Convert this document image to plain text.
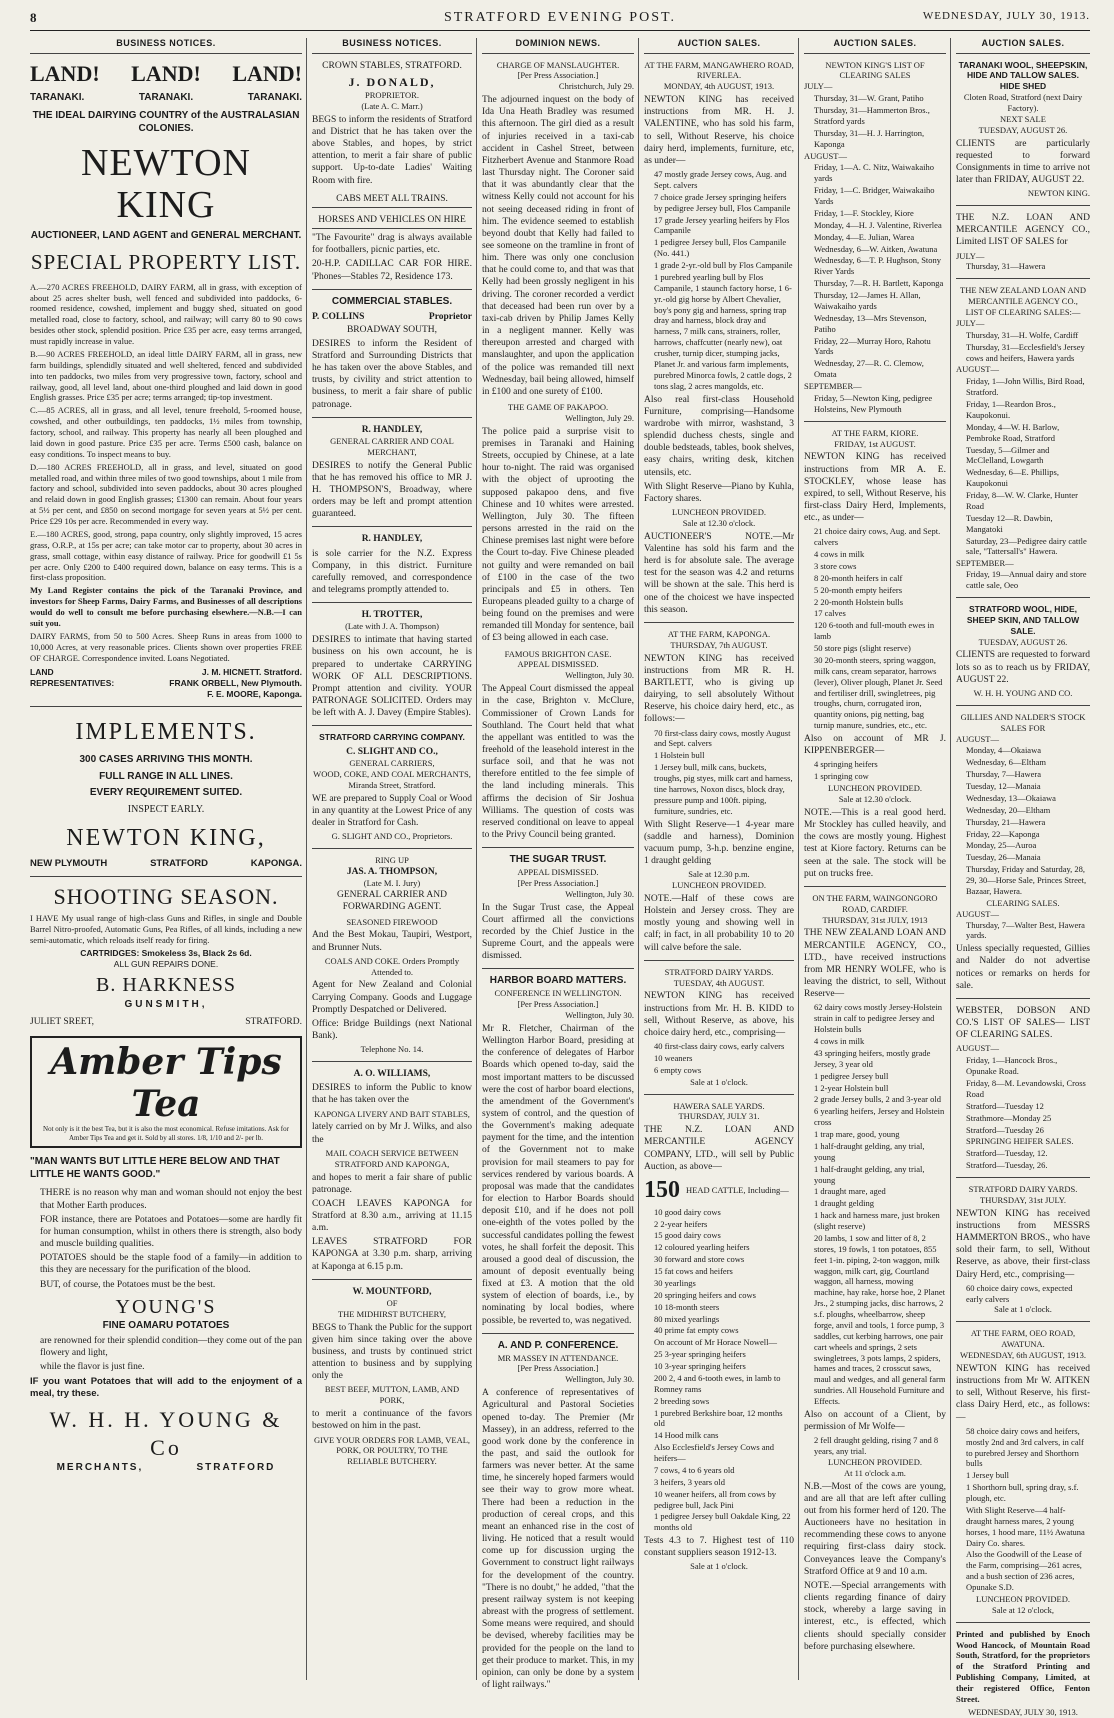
8	STRATFORD EVENING POST.	WEDNESDAY, JULY 30, 1913.
BUSINESS NOTICES.
LAND! LAND! LAND!
TARANAKI.	TARANAKI.	TARANAKI.
THE IDEAL DAIRYING COUNTRY of the AUSTRALASIAN COLONIES.
NEWTON KING
AUCTIONEER, LAND AGENT and GENERAL MERCHANT.
SPECIAL PROPERTY LIST.

A.—270 ACRES FREEHOLD, DAIRY FARM, all in grass, with exception of about 25 acres shelter bush, well fenced and subdivided into paddocks, 6-roomed residence, cowshed, implement and buggy shed, situated on good metalled road, close to factory, school, and railway; will carry 80 to 90 cows besides other stock, splendid position. Price £35 per acre, easy terms arranged, must rapidly increase in value.

B.—90 ACRES FREEHOLD, an ideal little DAIRY FARM, all in grass, new farm buildings, splendidly situated and well sheltered, fenced and subdivided into ten paddocks, two miles from very progressive town, factory, school and railway, good, all level land, about one-third ploughed and laid down in good English grasses. Price £35 per acre; terms arranged; tip-top investment.

C.—85 ACRES, all in grass, and all level, tenure freehold, 5-roomed house, cowshed, and other outbuildings, ten paddocks, 1½ miles from township, factory, school, and railway. This property has nearly all been ploughed and laid down in good pasture. Price £35 per acre. Terms £500 cash, balance on easy conditions. To inspect means to buy.

D.—180 ACRES FREEHOLD, all in grass, and level, situated on good metalled road, and within three miles of two good townships, about 1 mile from factory and school, subdivided into seven paddocks, about 30 acres ploughed and relaid down in good English grasses; £1300 can remain. About four years at 5½ per cent, and £850 on second mortgage for seven years at 5½ per cent. Price £29 10s per acre. Recommended in every way.

E.—180 ACRES, good, strong, papa country, only slightly improved, 15 acres grass, O.R.P., at 15s per acre; can take motor car to property, about 30 acres in grass, small cottage, within easy distance of railway. Price for goodwill £1 5s per acre. Only £200 to £400 required down, balance on easy terms. This is a first-class proposition.

My Land Register contains the pick of the Taranaki Province, and investors for Sheep Farms, Dairy Farms, and Businesses of all descriptions would do well to consult me before purchasing elsewhere.—N.B.—I can suit you.

DAIRY FARMS, from 50 to 500 Acres. Sheep Runs in areas from 1000 to 10,000 Acres, at very reasonable prices. Clients shown over properties FREE OF CHARGE. Correspondence invited. Loans Negotiated.

LAND REPRESENTATIVES:
J. M. HICNETT. Stratford.
FRANK ORBELL, New Plymouth.
F. E. MOORE, Kaponga.
IMPLEMENTS.
300 CASES ARRIVING THIS MONTH.
FULL RANGE IN ALL LINES.
EVERY REQUIREMENT SUITED.
INSPECT EARLY.
NEWTON KING,
NEW PLYMOUTH	STRATFORD	KAPONGA.
SHOOTING SEASON.

I HAVE My usual range of high-class Guns and Rifles, in single and Double Barrel Nitro-proofed, Automatic Guns, Pea Rifles, of all kinds, including a new semi-automatic, which reloads itself ready for firing.

CARTRIDGES: Smokeless 3s, Black 2s 6d.
ALL GUN REPAIRS DONE.
B. HARKNESS
GUNSMITH,
JULIET SREET,	STRATFORD.
Amber Tips Tea
Not only is it the best Tea, but it is also the most economical. Refuse imitations. Ask for Amber Tips Tea and get it. Sold by all stores. 1/8, 1/10 and 2/- per lb.
"MAN WANTS BUT LITTLE HERE BELOW AND THAT LITTLE HE WANTS GOOD."

THERE is no reason why man and woman should not enjoy the best that Mother Earth produces.

FOR instance, there are Potatoes and Potatoes—some are hardly fit for human consumption, whilst in others there is strength, also body and muscle building qualities.

POTATOES should be the staple food of a family—in addition to this they are necessary for the purification of the blood.

BUT, of course, the Potatoes must be the best.

YOUNG'S
FINE OAMARU POTATOES

are renowned for their splendid condition—they come out of the pan flowery and light,

while the flavor is just fine.

IF you want Potatoes that will add to the enjoyment of a meal, try these.

W. H. H. YOUNG & Co
MERCHANTS,	STRATFORD
BUSINESS NOTICES.
CROWN STABLES, STRATFORD.
J. DONALD,
PROPRIETOR.
(Late A. C. Marr.)

BEGS to inform the residents of Stratford and District that he has taken over the above Stables, and hopes, by strict attention, to merit a fair share of public support. Up-to-date Ladies' Waiting Room with fire.

CABS MEET ALL TRAINS.
HORSES AND VEHICLES ON HIRE

"The Favourite" drag is always available for footballers, picnic parties, etc.

20-H.P. CADILLAC CAR FOR HIRE. 'Phones—Stables 72, Residence 173.

COMMERCIAL STABLES.
P. COLLINS	Proprietor
BROADWAY SOUTH,

DESIRES to inform the Resident of Stratford and Surrounding Districts that he has taken over the above Stables, and trusts, by civility and strict attention to business, to merit a fair share of public patronage.

R. HANDLEY,
GENERAL CARRIER AND COAL MERCHANT,

DESIRES to notify the General Public that he has removed his office to MR J. H. THOMPSON'S, Broadway, where orders may be left and prompt attention guaranteed.

R. HANDLEY,

is sole carrier for the N.Z. Express Company, in this district. Furniture carefully removed, and correspondence and telegrams promptly attended to.

H. TROTTER,
(Late with J. A. Thompson)

DESIRES to intimate that having started business on his own account, he is prepared to undertake CARRYING WORK OF ALL DESCRIPTIONS. Prompt attention and civility. YOUR PATRONAGE SOLICITED. Orders may be left with A. J. Davey (Empire Stables).

STRATFORD CARRYING COMPANY.
C. SLIGHT AND CO.,
GENERAL CARRIERS,
WOOD, COKE, AND COAL MERCHANTS,
Miranda Street, Stratford.

WE are prepared to Supply Coal or Wood in any quantity at the Lowest Price of any dealer in Stratford for Cash.

G. SLIGHT AND CO., Proprietors.
RING UP
JAS. A. THOMPSON,
(Late M. I. Jury)
GENERAL CARRIER AND FORWARDING AGENT.
SEASONED FIREWOOD

And the Best Mokau, Taupiri, Westport, and Brunner Nuts.

COALS AND COKE. Orders Promptly Attended to.

Agent for New Zealand and Colonial Carrying Company. Goods and Luggage Promptly Despatched or Delivered.

Office: Bridge Buildings (next National Bank).

Telephone No. 14.
A. O. WILLIAMS,

DESIRES to inform the Public to know that he has taken over the

KAPONGA LIVERY AND BAIT STABLES,

lately carried on by Mr J. Wilks, and also the

MAIL COACH SERVICE BETWEEN STRATFORD AND KAPONGA,

and hopes to merit a fair share of public patronage.

COACH LEAVES KAPONGA for Stratford at 8.30 a.m., arriving at 11.15 a.m.

LEAVES STRATFORD FOR KAPONGA at 3.30 p.m. sharp, arriving at Kaponga at 6.15 p.m.

W. MOUNTFORD,
OF
THE MIDHIRST BUTCHERY,

BEGS to Thank the Public for the support given him since taking over the above business, and trusts by continued strict attention to business and by supplying only the

BEST BEEF, MUTTON, LAMB, AND PORK,

to merit a continuance of the favors bestowed on him in the past.

GIVE YOUR ORDERS FOR LAMB, VEAL, PORK, OR POULTRY, TO THE
RELIABLE BUTCHERY.
DOMINION NEWS.
CHARGE OF MANSLAUGHTER.
[Per Press Association.]
Christchurch, July 29.

The adjourned inquest on the body of Ida Una Heath Bradley was resumed this afternoon. The girl died as a result of injuries received in a taxi-cab accident in Cashel Street, between Fitzherbert Avenue and Stanmore Road last Thursday night. The Coroner said that it was abundantly clear that the witness Kelly could not account for his not seeing deceased riding in front of him. The evidence seemed to establish beyond doubt that Kelly had failed to see someone on the tramline in front of him. There was only one conclusion that he could come to, and that was that Kelly had been grossly negligent in his driving. The coroner recorded a verdict that deceased had been run over by a taxi-cab driven by Philip James Kelly in a negligent manner. Kelly was thereupon arrested and charged with manslaughter, and upon the application of the police was remanded till next Wednesday, bail being allowed, himself in £100 and one surety of £100.

THE GAME OF PAKAPOO.
Wellington, July 29.

The police paid a surprise visit to premises in Taranaki and Haining Streets, occupied by Chinese, at a late hour to-night. The raid was organised with the object of uprooting the supposed pakapoo dens, and five Chinese and 10 whites were arrested. Wellington, July 30. The fifteen persons arrested in the raid on the Chinese premises last night were before the Court to-day. Five Chinese pleaded not guilty and were remanded on bail of £100 in the case of the two principals and £5 in others. Ten Europeans pleaded guilty to a charge of being found on the premises and were remanded till Monday for sentence, bail of £3 being allowed in each case.

FAMOUS BRIGHTON CASE.
APPEAL DISMISSED.
Wellington, July 30.

The Appeal Court dismissed the appeal in the case, Brighton v. McClure, Commissioner of Crown Lands for Southland. The Court held that what the appellant was entitled to was the freehold of the leasehold interest in the surface soil, and that he was not therefore entitled to the fee simple of the land including minerals. This affirms the decision of Sir Joshua Williams. The question of costs was reserved conditional on leave to appeal to the Privy Council being granted.

THE SUGAR TRUST.
APPEAL DISMISSED.
[Per Press Association.]
Wellington, July 30.

In the Sugar Trust case, the Appeal Court affirmed all the convictions recorded by the Chief Justice in the Supreme Court, and the appeals were dismissed.

HARBOR BOARD MATTERS.
CONFERENCE IN WELLINGTON.
[Per Press Association.]
Wellington, July 30.

Mr R. Fletcher, Chairman of the Wellington Harbor Board, presiding at the conference of delegates of Harbor Boards which opened to-day, said the most important matters to be discussed were the cost of harbor board elections, the amendment of the Government's system of control, and the question of the Government's making adequate payment for the time, and the intention of the Government not to make provision for mail steamers to pay for services rendered by various boards. A proposal was made that the candidates for election to Harbor Boards should deposit £10, and if he does not poll one-eighth of the votes polled by the successful candidates polling the fewest votes, he shall forfeit the deposit. This aroused a good deal of discussion, the amount of deposit eventually being fixed at £3. A motion that the old system of election of boards, i.e., by nominating by local bodies, where possible, be reverted to, was negatived.

A. AND P. CONFERENCE.
MR MASSEY IN ATTENDANCE.
[Per Press Association.]
Wellington, July 30.

A conference of representatives of Agricultural and Pastoral Societies opened to-day. The Premier (Mr Massey), in an address, referred to the good work done by the conference in the past, and said the outlook for farmers was never better. At the same time, he sincerely hoped farmers would see their way to grow more wheat. There had been a reduction in the production of cereal crops, and this meant an enhanced rise in the cost of living. He noticed that a result would come up for discussion urging the Government to construct light railways for the development of the country. "There is no doubt," he added, "that the present railway system is not keeping abreast with the progress of settlement. Some means were required, and should be devised, whereby facilities may be provided for the people on the land to get their produce to market. This, in my opinion, can only be done by a system of light railways."

AUCTION SALES.
AT THE FARM, MANGAWHERO ROAD, RIVERLEA.
MONDAY, 4th AUGUST, 1913.

NEWTON KING has received instructions from MR. H. J. VALENTINE, who has sold his farm, to sell, Without Reserve, his choice dairy herd, implements, furniture, etc, as under—

47 mostly grade Jersey cows, Aug. and Sept. calvers
7 choice grade Jersey springing heifers by pedigree Jersey bull, Flos Campanile
17 grade Jersey yearling heifers by Flos Campanile
1 pedigree Jersey bull, Flos Campanile (No. 441.)
1 grade 2-yr.-old bull by Flos Campanile
1 purebred yearling bull by Flos Campanile, 1 staunch factory horse, 1 6-yr.-old gig horse by Albert Chevalier, boy's pony gig and harness, spring trap dray and harness, block dray and harness, 7 milk cans, strainers, roller, harrows, chaffcutter (nearly new), oat crusher, turnip dicer, stumping jacks, Planet Jr. and various farm implements, purebred Minorca fowls, 2 cattle dogs, 2 tons slag, 2 acres mangolds, etc.

Also real first-class Household Furniture, comprising—Handsome wardrobe with mirror, washstand, 3 splendid duchess chests, single and double bedsteads, tables, book shelves, easy chairs, writing desk, kitchen utensils, etc.

With Slight Reserve—Piano by Kuhla, Factory shares.

LUNCHEON PROVIDED.
Sale at 12.30 o'clock.

AUCTIONEER'S NOTE.—Mr Valentine has sold his farm and the herd is for absolute sale. The average test for the season was 4.2 and returns will be shown at the sale. This herd is one of the choicest we have inspected this season.

AT THE FARM, KAPONGA.
THURSDAY, 7th AUGUST.

NEWTON KING has received instructions from MR R. H. BARTLETT, who is giving up dairying, to sell absolutely Without Reserve, his choice dairy herd, etc., as follows:—

70 first-class dairy cows, mostly August and Sept. calvers
1 Holstein bull
1 Jersey bull, milk cans, buckets, troughs, pig styes, milk cart and harness, tine harrows, Noxon discs, block dray, pressure pump and 100ft. piping, furniture, sundries, etc.

With Slight Reserve—1 4-year mare (saddle and harness), Dominion vacuum pump, 3-h.p. benzine engine, 1 draught gelding

Sale at 12.30 p.m.
LUNCHEON PROVIDED.

NOTE.—Half of these cows are Holstein and Jersey cross. They are mostly young and showing well in calf; in fact, in all probability 10 to 20 will calve before the sale.

STRATFORD DAIRY YARDS.
TUESDAY, 4th AUGUST.

NEWTON KING has received instructions from Mr. H. B. KIDD to sell, Without Reserve, as above, his choice dairy herd, etc., comprising—

40 first-class dairy cows, early calvers
10 weaners
6 empty cows
Sale at 1 o'clock.
HAWERA SALE YARDS.
THURSDAY, JULY 31.

THE N.Z. LOAN AND MERCANTILE AGENCY COMPANY, LTD., will sell by Public Auction, as above—

150 HEAD CATTLE, Including—
10 good dairy cows
2 2-year heifers
15 good dairy cows
12 coloured yearling heifers
30 forward and store cows
15 fat cows and heifers
30 yearlings
20 springing heifers and cows
10 18-month steers
80 mixed yearlings
40 prime fat empty cows
On account of Mr Horace Nowell—
25 3-year springing heifers
10 3-year springing heifers
200 2, 4 and 6-tooth ewes, in lamb to Romney rams
2 breeding sows
1 purebred Berkshire boar, 12 months old
14 Hood milk cans
Also Ecclesfield's Jersey Cows and heifers—
7 cows, 4 to 6 years old
3 heifers, 3 years old
10 weaner heifers, all from cows by pedigree bull, Jack Pini
1 pedigree Jersey bull Oakdale King, 22 months old

Tests 4.3 to 7. Highest test of 110 constant suppliers season 1912-13.

Sale at 1 o'clock.
AUCTION SALES.
NEWTON KING'S LIST OF CLEARING SALES
JULY—
Thursday, 31—W. Grant, Patiho
Thursday, 31—Hammerton Bros., Stratford yards
Thursday, 31—H. J. Harrington, Kaponga
AUGUST—
Friday, 1—A. C. Nitz, Waiwakaiho yards
Friday, 1—C. Bridger, Waiwakaiho Yards
Friday, 1—F. Stockley, Kiore
Monday, 4—H. J. Valentine, Riverlea
Monday, 4—E. Julian, Warea
Wednesday, 6—W. Aitken, Awatuna
Wednesday, 6—T. P. Hughson, Stony River Yards
Thursday, 7—R. H. Bartlett, Kaponga
Thursday, 12—James H. Allan, Waiwakaiho yards
Wednesday, 13—Mrs Stevenson, Patiho
Friday, 22—Murray Horo, Rahotu Yards
Wednesday, 27—R. C. Clemow, Omata
SEPTEMBER—
Friday, 5—Newton King, pedigree Holsteins, New Plymouth
AT THE FARM, KIORE.
FRIDAY, 1st AUGUST.

NEWTON KING has received instructions from MR A. E. STOCKLEY, whose lease has expired, to sell, Without Reserve, his first-class Dairy Herd, Implements, etc., as under—

21 choice dairy cows, Aug. and Sept. calvers
4 cows in milk
3 store cows
8 20-month heifers in calf
5 20-month empty heifers
2 20-month Holstein bulls
17 calves
120 6-tooth and full-mouth ewes in lamb
50 store pigs (slight reserve)
30 20-month steers, spring waggon, milk cans, cream separator, harrows (lever), Oliver plough, Planet Jr. Seed and fertiliser drill, swingletrees, pig troughs, churn, corrugated iron, quantity onions, pig netting, bag turnip manure, sundries, etc., etc.

Also on account of MR J. KIPPENBERGER—

4 springing heifers
1 springing cow
LUNCHEON PROVIDED.
Sale at 12.30 o'clock.

NOTE.—This is a real good herd. Mr Stockley has culled heavily, and the cows are mostly young. Highest test at Kiore factory. Returns can be seen at the sale. The stock will be put on trucks free.

ON THE FARM, WAINGONGORO ROAD, CARDIFF.
THURSDAY, 31st JULY, 1913

THE NEW ZEALAND LOAN AND MERCANTILE AGENCY, CO., LTD., have received instructions from MR HENRY WOLFE, who is leaving the district, to sell, Without Reserve—

62 dairy cows mostly Jersey-Holstein strain in calf to pedigree Jersey and Holstein bulls
4 cows in milk
43 springing heifers, mostly grade Jersey, 3 year old
1 pedigree Jersey bull
1 2-year Holstein bull
2 grade Jersey bulls, 2 and 3-year old
6 yearling heifers, Jersey and Holstein cross
1 trap mare, good, young
1 half-draught gelding, any trial, young
1 half-draught gelding, any trial, young
1 draught mare, aged
1 draught gelding
1 hack and harness mare, just broken (slight reserve)
20 lambs, 1 sow and litter of 8, 2 stores, 19 fowls, 1 ton potatoes, 855 feet 1-in. piping, 2-ton waggon, milk waggon, milk cart, gig, Courtland waggon, all harness, mowing machine, hay rake, horse hoe, 2 Planet Jrs., 2 stumping jacks, disc harrows, 2 s.f. ploughs, wheelbarrow, sheep forge, anvil and tools, 1 force pump, 3 saddles, cut kerbing harrows, one pair cart wheels and springs, 2 sets swingletrees, 3 pots lamps, 2 spiders, hames and traces, 2 crosscut saws, maul and wedges, and all general farm sundries. All Household Furniture and Effects.

Also on account of a Client, by permission of Mr Wolfe—

2 fell draught gelding, rising 7 and 8 years, any trial.
LUNCHEON PROVIDED.
At 11 o'clock a.m.

N.B.—Most of the cows are young, and are all that are left after culling out from his former herd of 120. The Auctioneers have no hesitation in recommending these cows to anyone requiring first-class dairy stock. Conveyances leave the Company's Stratford Office at 9 and 10 a.m.

NOTE.—Special arrangements with clients regarding finance of dairy stock, whereby a large saving in interest, etc., is effected, which clients should specially consider before purchasing elsewhere.

AUCTION SALES.
TARANAKI WOOL, SHEEPSKIN, HIDE AND TALLOW SALES.
HIDE SHED
Cloten Road, Stratford (next Dairy Factory).
NEXT SALE
TUESDAY, AUGUST 26.

CLIENTS are particularly requested to forward Consignments in time to arrive not later than FRIDAY, AUGUST 22.

NEWTON KING.

THE N.Z. LOAN AND MERCANTILE AGENCY CO., Limited LIST OF SALES for

JULY—
Thursday, 31—Hawera
THE NEW ZEALAND LOAN AND MERCANTILE AGENCY CO.,
LIST OF CLEARING SALES:—
JULY—
Thursday, 31—H. Wolfe, Cardiff
Thursday, 31—Ecclesfield's Jersey cows and heifers, Hawera yards
AUGUST—
Friday, 1—John Willis, Bird Road, Stratford.
Friday, 1—Reardon Bros., Kaupokonui.
Monday, 4—W. H. Barlow, Pembroke Road, Stratford
Tuesday, 5—Gilmer and McClelland, Lowgarth
Wednesday, 6—E. Phillips, Kaupokonui
Friday, 8—W. W. Clarke, Hunter Road
Tuesday 12—R. Dawbin, Mangatoki
Saturday, 23—Pedigree dairy cattle sale, "Tattersall's" Hawera.
SEPTEMBER—
Friday, 19—Annual dairy and store cattle sale, Oeo
STRATFORD WOOL, HIDE, SHEEP SKIN, AND TALLOW SALE.
TUESDAY, AUGUST 26.

CLIENTS are requested to forward lots so as to reach us by FRIDAY, AUGUST 22.

W. H. H. YOUNG AND CO.
GILLIES AND NALDER'S STOCK SALES FOR
AUGUST—
Monday, 4—Okaiawa
Wednesday, 6—Eltham
Thursday, 7—Hawera
Tuesday, 12—Manaia
Wednesday, 13—Okaiawa
Wednesday, 20—Eltham
Thursday, 21—Hawera
Friday, 22—Kaponga
Monday, 25—Auroa
Tuesday, 26—Manaia
Thursday, Friday and Saturday, 28, 29, 30—Horse Sale, Princes Street, Bazaar, Hawera.
CLEARING SALES.
AUGUST—
Thursday, 7—Walter Best, Hawera yards.

Unless specially requested, Gillies and Nalder do not advertise notices or remarks on herds for sale.

WEBSTER, DOBSON AND CO.'S LIST OF SALES— LIST OF CLEARING SALES.

AUGUST—
Friday, 1—Hancock Bros., Opunake Road.
Friday, 8—M. Levandowski, Cross Road
Stratford—Tuesday 12
Strathmore—Monday 25
Stratford—Tuesday 26
SPRINGING HEIFER SALES.
Stratford—Tuesday, 12.
Stratford—Tuesday, 26.
STRATFORD DAIRY YARDS.
THURSDAY, 31st JULY.

NEWTON KING has received instructions from MESSRS HAMMERTON BROS., who have sold their farm, to sell, Without Reserve, as above, their first-class Dairy Herd, etc., comprising—

60 choice dairy cows, expected early calvers
Sale at 1 o'clock.
AT THE FARM, OEO ROAD, AWATUNA.
WEDNESDAY, 6th AUGUST, 1913.

NEWTON KING has received instructions from Mr W. AITKEN to sell, Without Reserve, his first-class Dairy Herd, etc., as follows:—

58 choice dairy cows and heifers, mostly 2nd and 3rd calvers, in calf to purebred Jersey and Shorthorn bulls
1 Jersey bull
1 Shorthorn bull, spring dray, s.f. plough, etc.
With Slight Reserve—4 half-draught harness mares, 2 young horses, 1 hood mare, 11½ Awatuna Dairy Co. shares.
Also the Goodwill of the Lease of the Farm, comprising—261 acres, and a bush section of 236 acres, Opunake S.D.
LUNCHEON PROVIDED.
Sale at 12 o'clock,

Printed and published by Enoch Wood Hancock, of Mountain Road South, Stratford, for the proprietors of the Stratford Printing and Publishing Company, Limited, at their registered Office, Fenton Street.

WEDNESDAY, JULY 30, 1913.
